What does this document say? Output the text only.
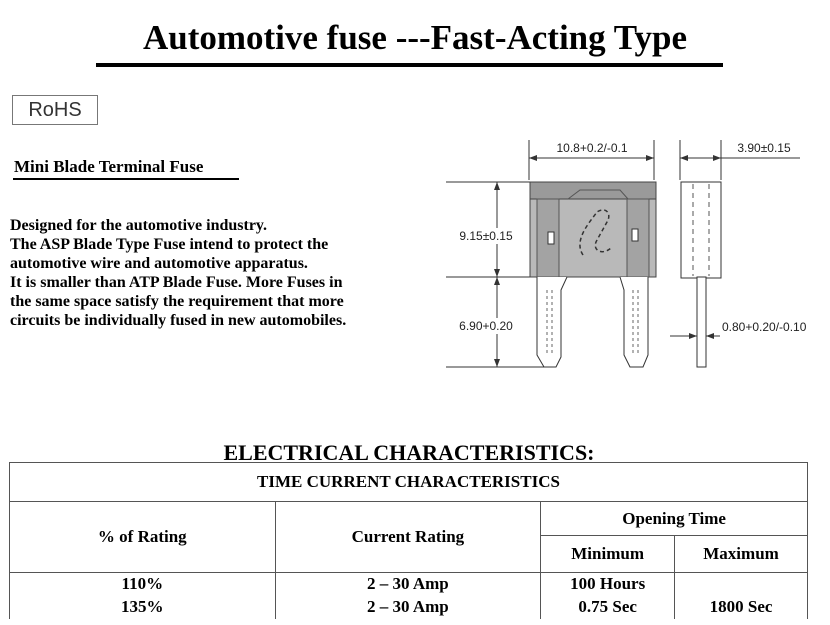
Automotive fuse ---Fast-Acting Type
RoHS
Mini Blade Terminal Fuse
Designed for the automotive industry.
The ASP Blade Type Fuse intend to protect the
automotive wire and automotive apparatus.
It is smaller than ATP Blade Fuse. More Fuses in
the same space satisfy the requirement that more
circuits be individually fused in new automobiles.
10.8+0.2/-0.1
9.15±0.15
6.90+0.20
3.90±0.15
0.80+0.20/-0.10
ELECTRICAL CHARACTERISTICS:
TIME CURRENT CHARACTERISTICS			
% of Rating	Current Rating	Opening Time	
		Minimum	Maximum
110%	2 – 30 Amp	100 Hours	
135%	2 – 30 Amp	0.75 Sec	1800 Sec
